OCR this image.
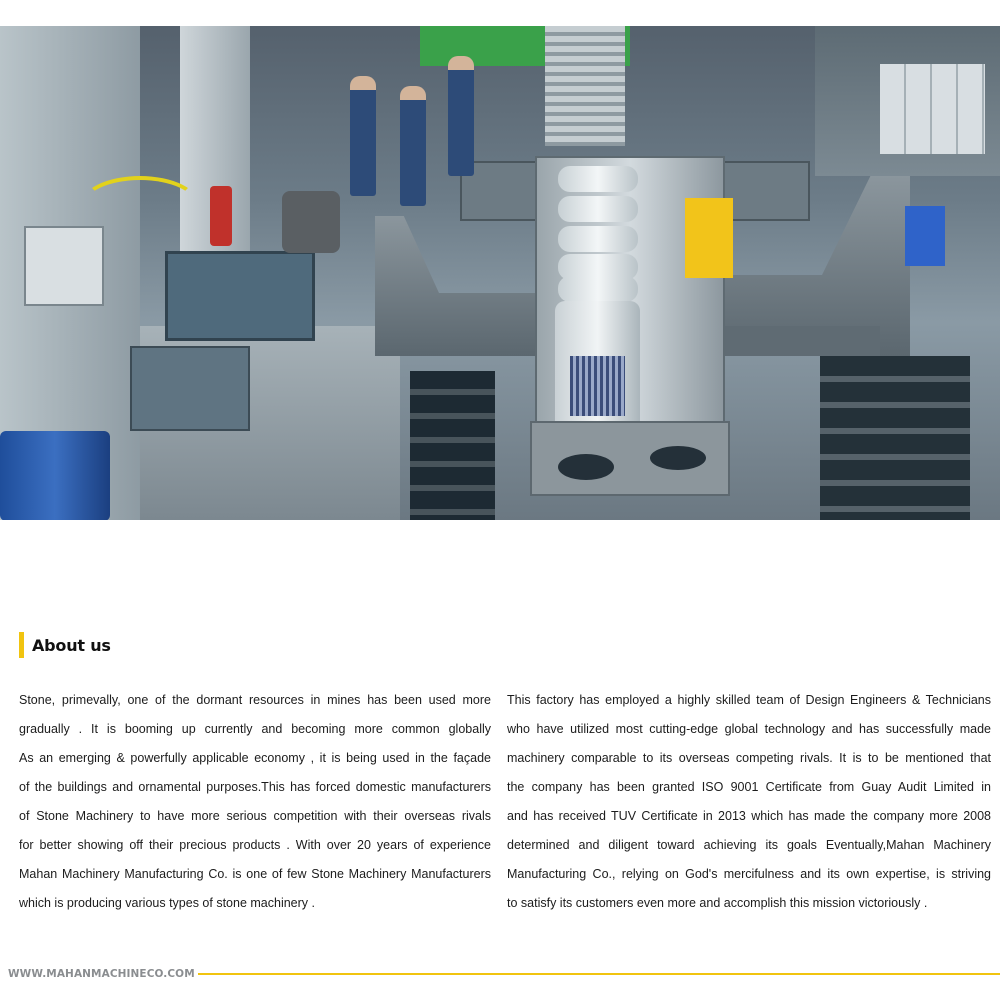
About us
Stone, primevally, one of the dormant resources in mines has been used more
gradually . It is booming up currently and becoming more common globally
As an emerging & powerfully applicable economy , it is being used in the façade
of the buildings and ornamental purposes.This has forced domestic manufacturers
of Stone Machinery to have more serious competition with their overseas rivals
for better showing off their precious products . With over 20 years of experience
Mahan Machinery Manufacturing Co. is one of few Stone Machinery Manufacturers
which is producing various types of stone machinery .
This factory has employed a highly skilled team of Design Engineers & Technicians
who have utilized most cutting-edge global technology and has successfully made
machinery comparable to its overseas competing rivals. It is to be mentioned that
the company has been granted ISO 9001 Certificate from Guay Audit Limited in
and has received TUV Certificate in 2013 which has made the company more 2008
determined and diligent toward achieving its goals Eventually,Mahan Machinery
Manufacturing Co., relying on God's mercifulness and its own expertise, is striving
to satisfy its customers even more and accomplish this mission victoriously .
WWW.MAHANMACHINECO.COM
